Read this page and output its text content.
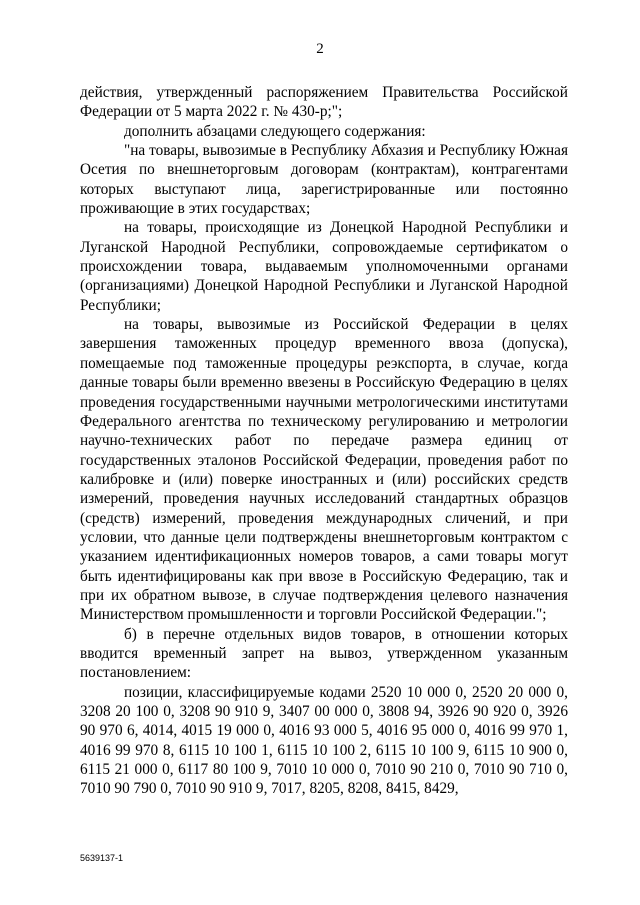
2

действия, утвержденный распоряжением Правительства Российской Федерации от 5 марта 2022 г. № 430-р;";

дополнить абзацами следующего содержания:

"на товары, вывозимые в Республику Абхазия и Республику Южная Осетия по внешнеторговым договорам (контрактам), контрагентами которых выступают лица, зарегистрированные или постоянно проживающие в этих государствах;

на товары, происходящие из Донецкой Народной Республики и Луганской Народной Республики, сопровождаемые сертификатом о происхождении товара, выдаваемым уполномоченными органами (организациями) Донецкой Народной Республики и Луганской Народной Республики;

на товары, вывозимые из Российской Федерации в целях завершения таможенных процедур временного ввоза (допуска), помещаемые под таможенные процедуры реэкспорта, в случае, когда данные товары были временно ввезены в Российскую Федерацию в целях проведения государственными научными метрологическими институтами Федерального агентства по техническому регулированию и метрологии научно-технических работ по передаче размера единиц от государственных эталонов Российской Федерации, проведения работ по калибровке и (или) поверке иностранных и (или) российских средств измерений, проведения научных исследований стандартных образцов (средств) измерений, проведения международных сличений, и при условии, что данные цели подтверждены внешнеторговым контрактом с указанием идентификационных номеров товаров, а сами товары могут быть идентифицированы как при ввозе в Российскую Федерацию, так и при их обратном вывозе, в случае подтверждения целевого назначения Министерством промышленности и торговли Российской Федерации.";

б) в перечне отдельных видов товаров, в отношении которых вводится временный запрет на вывоз, утвержденном указанным постановлением:

позиции, классифицируемые кодами 2520 10 000 0, 2520 20 000 0, 3208 20 100 0, 3208 90 910 9, 3407 00 000 0, 3808 94, 3926 90 920 0, 3926 90 970 6, 4014, 4015 19 000 0, 4016 93 000 5, 4016 95 000 0, 4016 99 970 1, 4016 99 970 8, 6115 10 100 1, 6115 10 100 2, 6115 10 100 9, 6115 10 900 0, 6115 21 000 0, 6117 80 100 9, 7010 10 000 0, 7010 90 210 0, 7010 90 710 0, 7010 90 790 0, 7010 90 910 9, 7017, 8205, 8208, 8415, 8429,

5639137-1
